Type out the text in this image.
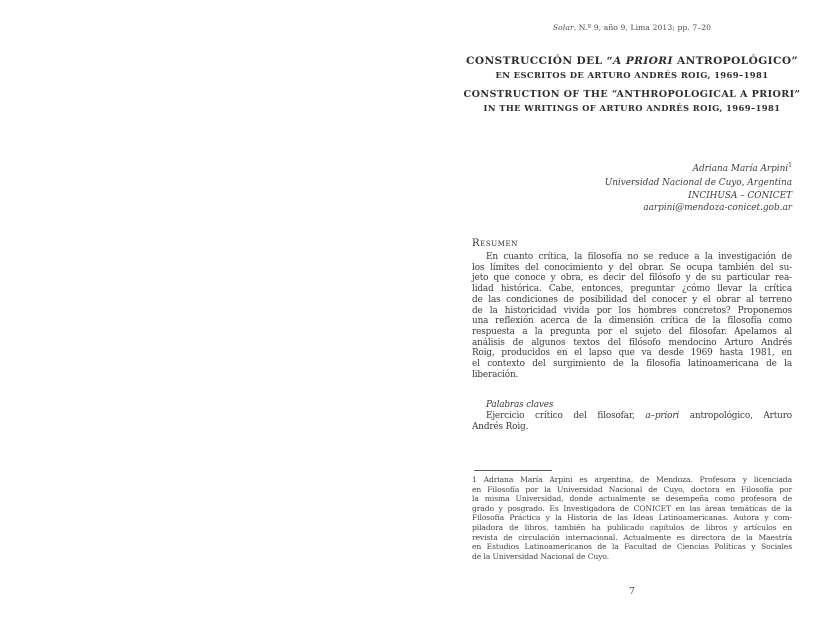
Solar, N.º 9, año 9, Lima 2013; pp. 7–20
CONSTRUCCIÓN DEL “A PRIORI ANTROPOLÓGICO”
EN ESCRITOS DE ARTURO ANDRÉS ROIG, 1969–1981
CONSTRUCTION OF THE “ANTHROPOLOGICAL A PRIORI”
IN THE WRITINGS OF ARTURO ANDRÉS ROIG, 1969–1981
Adriana María Arpini$^1$
Universidad Nacional de Cuyo, Argentina
INCIHUSA – CONICET
aarpini@mendoza-conicet.gob.ar
Resumen
En cuanto crítica, la filosofía no se reduce a la investigación de
los límites del conocimiento y del obrar. Se ocupa también del su-
jeto que conoce y obra, es decir del filósofo y de su particular rea-
lidad histórica. Cabe, entonces, preguntar ¿cómo llevar la crítica
de las condiciones de posibilidad del conocer y el obrar al terreno
de la historicidad vivida por los hombres concretos? Proponemos
una reflexión acerca de la dimensión crítica de la filosofía como
respuesta a la pregunta por el sujeto del filosofar. Apelamos al
análisis de algunos textos del filósofo mendocino Arturo Andrés
Roig, producidos en el lapso que va desde 1969 hasta 1981, en
el contexto del surgimiento de la filosofía latinoamericana de la
liberación.
Palabras claves
Ejercicio crítico del filosofar, a–priori antropológico, Arturo
Andrés Roig.
1 Adriana María Arpini es argentina, de Mendoza. Profesora y licenciada
en Filosofía por la Universidad Nacional de Cuyo, doctora en Filosofía por
la misma Universidad, donde actualmente se desempeña como profesora de
grado y posgrado. Es Investigadora de CONICET en las áreas temáticas de la
Filosofía Práctica y la Historia de las Ideas Latinoamericanas. Autora y com-
piladora de libros, también ha publicado capítulos de libros y artículos en
revista de circulación internacional. Actualmente es directora de la Maestría
en Estudios Latinoamericanos de la Facultad de Ciencias Políticas y Sociales
de la Universidad Nacional de Cuyo.
7
